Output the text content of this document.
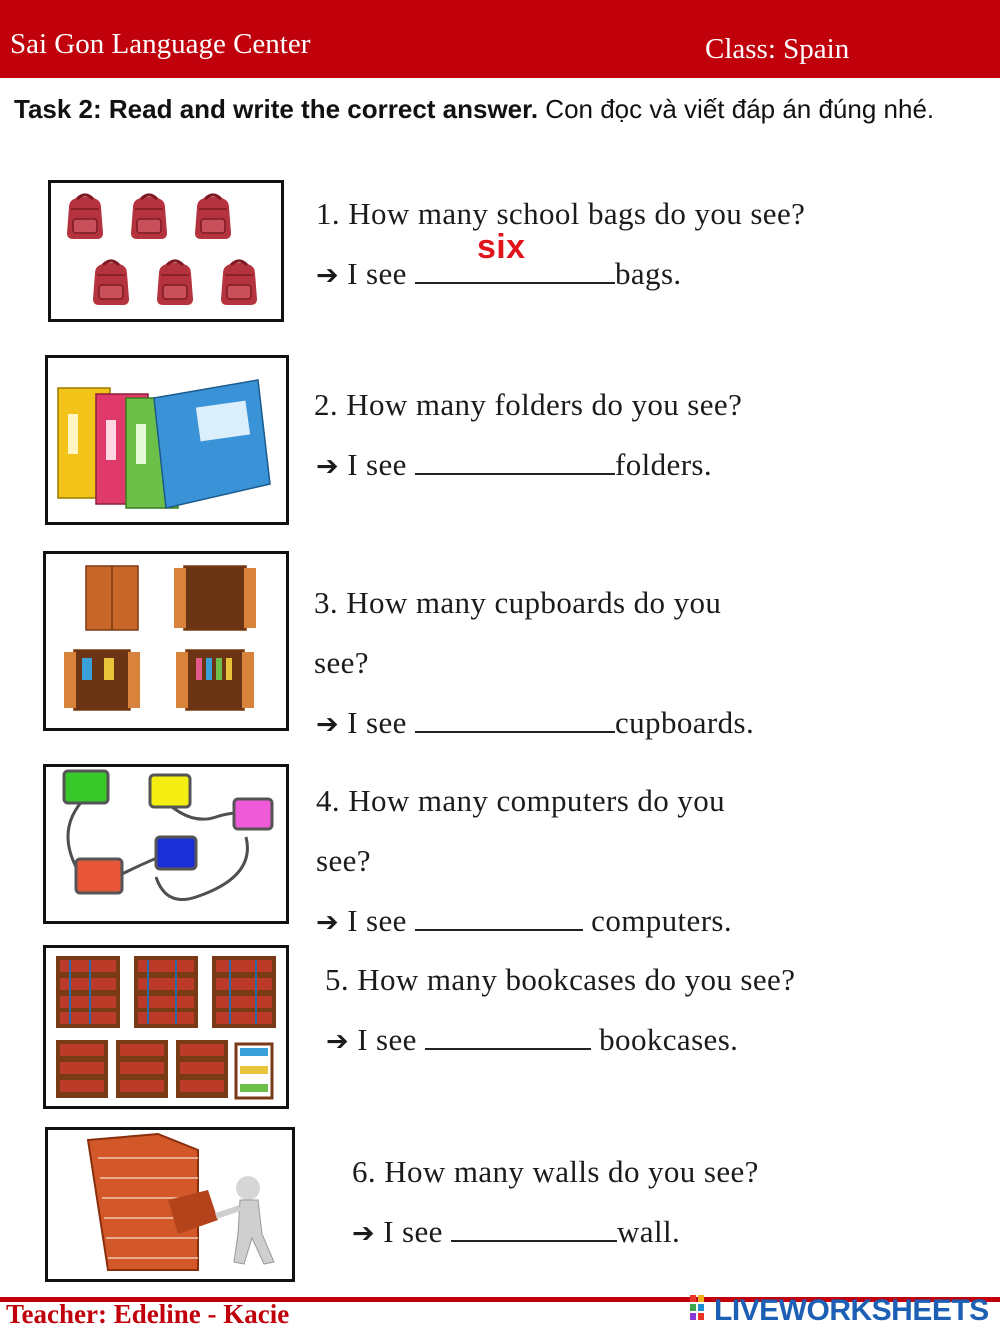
Sai Gon Language Center	Class: Spain
Task 2: Read and write the correct answer. Con đọc và viết đáp án đúng nhé.
1. How many school bags do you see?
➔ I see
six
bags.
2. How many folders do you see?
➔ I see	folders.
3. How many cupboards do you
see?
➔ I see	cupboards.
4. How many computers do you
see?
➔ I see	computers.
5. How many bookcases do you see?
➔ I see	bookcases.
6. How many walls do you see?
➔ I see	wall.
Teacher: Edeline - Kacie	LIVEWORKSHEETS
